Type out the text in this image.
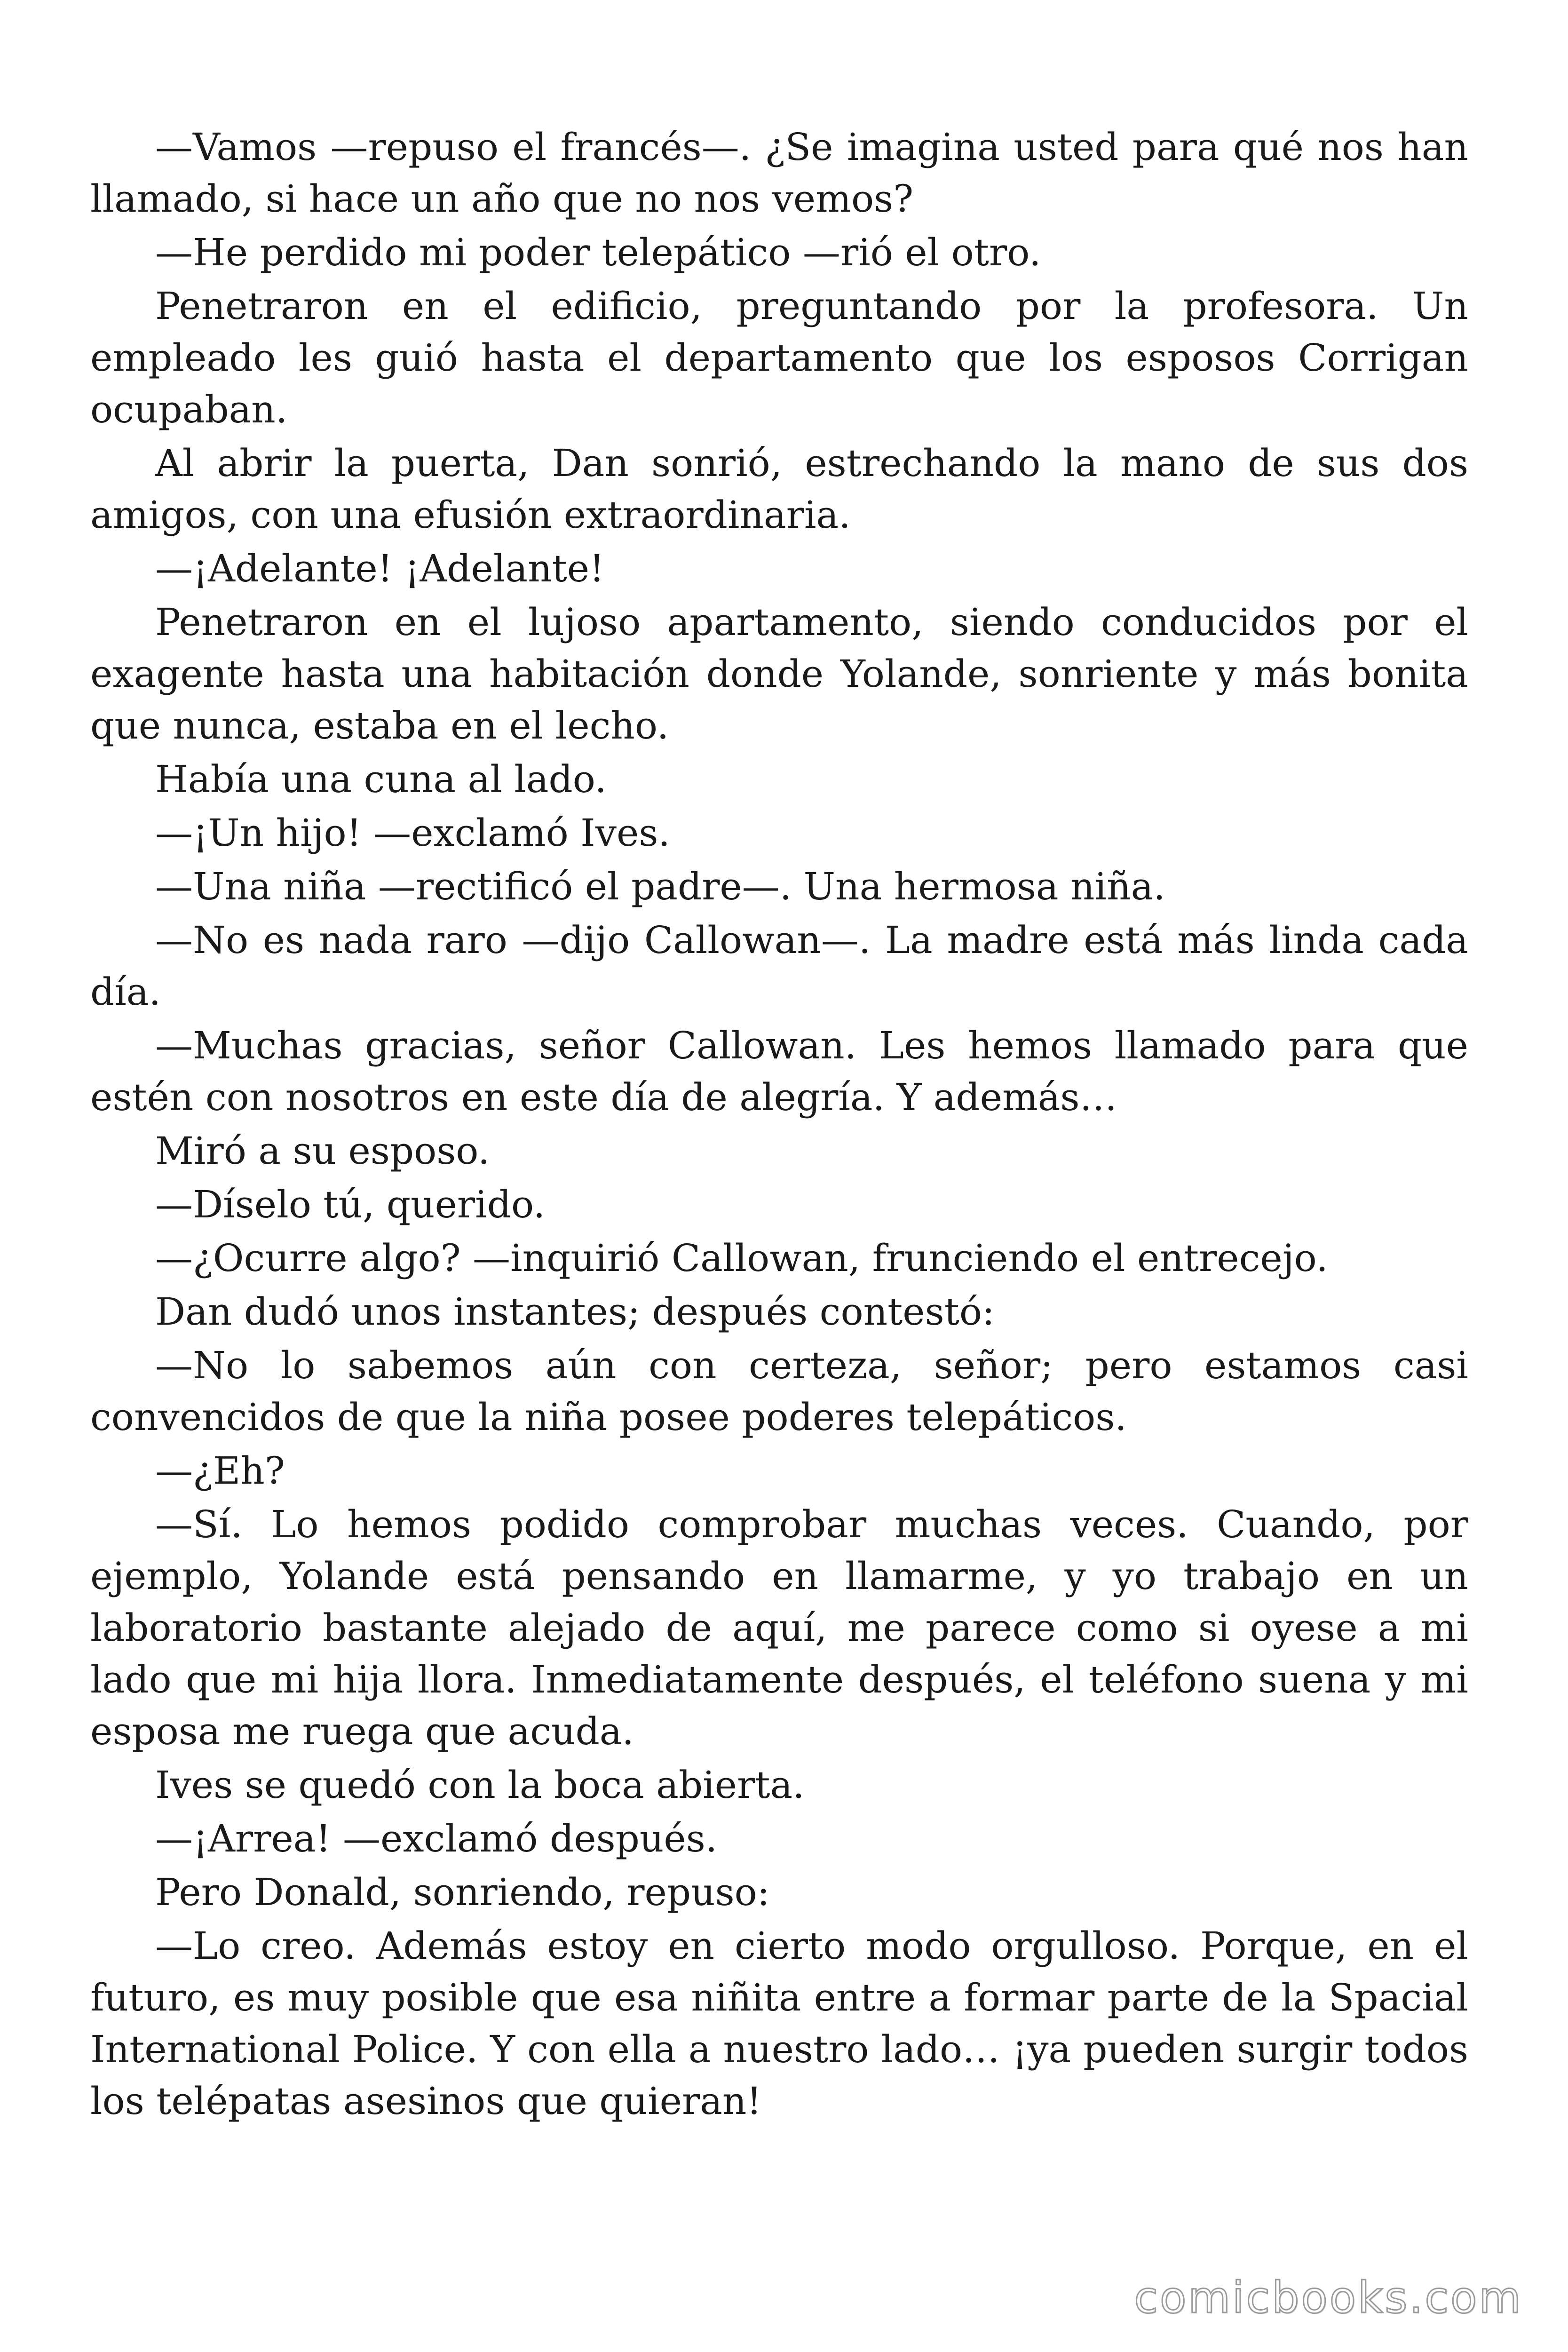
—Vamos —repuso el francés—. ¿Se imagina usted para qué nos han llamado, si hace un año que no nos vemos?

—He perdido mi poder telepático —rió el otro.

Penetraron en el edificio, preguntando por la profesora. Un empleado les guió hasta el departamento que los esposos Corrigan ocupaban.

Al abrir la puerta, Dan sonrió, estrechando la mano de sus dos amigos, con una efusión extraordinaria.

—¡Adelante! ¡Adelante!

Penetraron en el lujoso apartamento, siendo conducidos por el exagente hasta una habitación donde Yolande, sonriente y más bonita que nunca, estaba en el lecho.

Había una cuna al lado.

—¡Un hijo! —exclamó Ives.

—Una niña —rectificó el padre—. Una hermosa niña.

—No es nada raro —dijo Callowan—. La madre está más linda cada día.

—Muchas gracias, señor Callowan. Les hemos llamado para que estén con nosotros en este día de alegría. Y además…

Miró a su esposo.

—Díselo tú, querido.

—¿Ocurre algo? —inquirió Callowan, frunciendo el entrecejo.

Dan dudó unos instantes; después contestó:

—No lo sabemos aún con certeza, señor; pero estamos casi convencidos de que la niña posee poderes telepáticos.

—¿Eh?

—Sí. Lo hemos podido comprobar muchas veces. Cuando, por ejemplo, Yolande está pensando en llamarme, y yo trabajo en un laboratorio bastante alejado de aquí, me parece como si oyese a mi lado que mi hija llora. Inmediatamente después, el teléfono suena y mi esposa me ruega que acuda.

Ives se quedó con la boca abierta.

—¡Arrea! —exclamó después.

Pero Donald, sonriendo, repuso:

—Lo creo. Además estoy en cierto modo orgulloso. Porque, en el futuro, es muy posible que esa niñita entre a formar parte de la Spacial International Police. Y con ella a nuestro lado… ¡ya pueden surgir todos los telépatas asesinos que quieran!

comicbooks.com
